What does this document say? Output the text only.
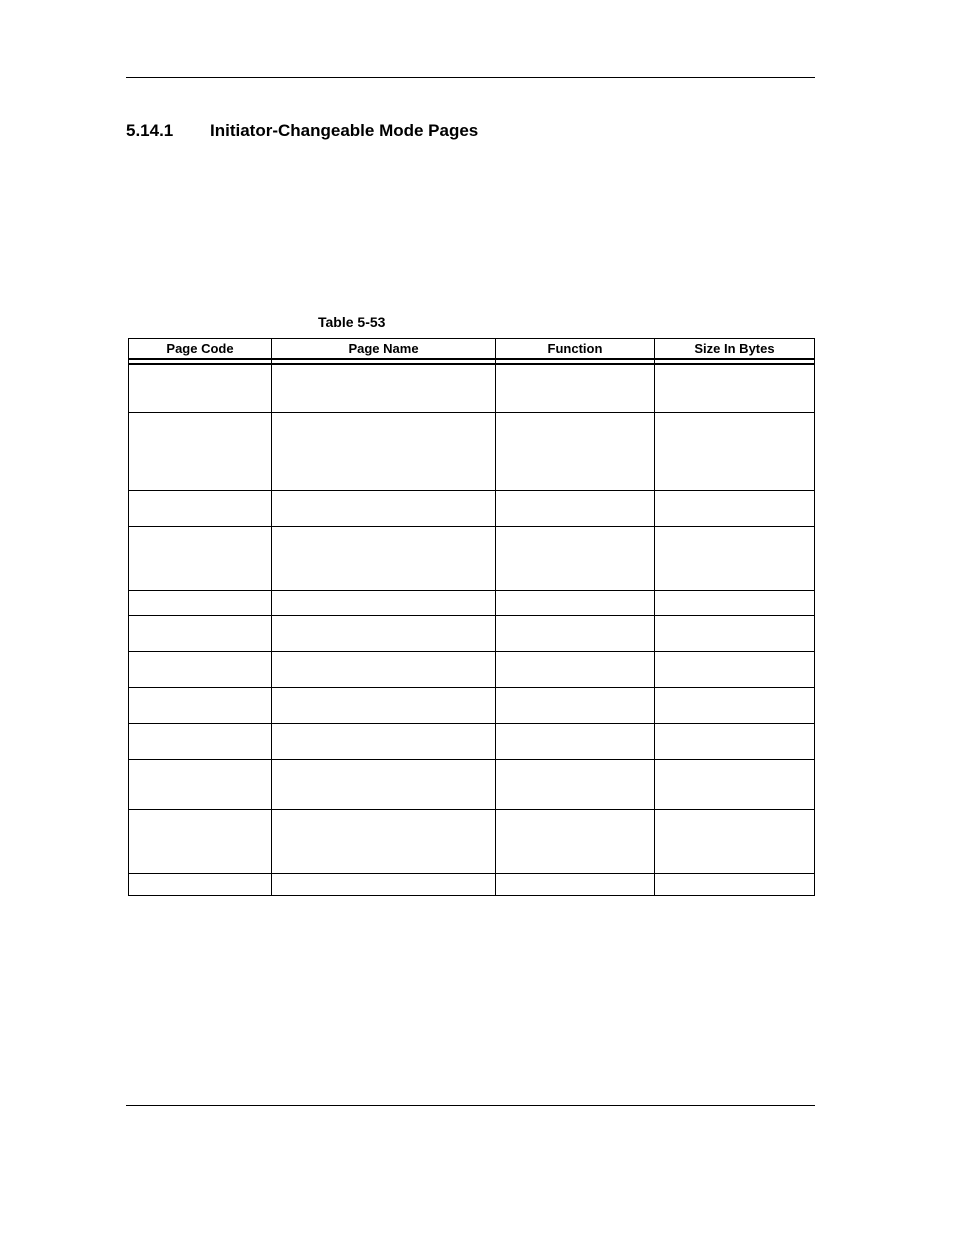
5.14.1 Initiator-Changeable Mode Pages
Table 5-53
Page Code	Page Name	Function	Size In Bytes
